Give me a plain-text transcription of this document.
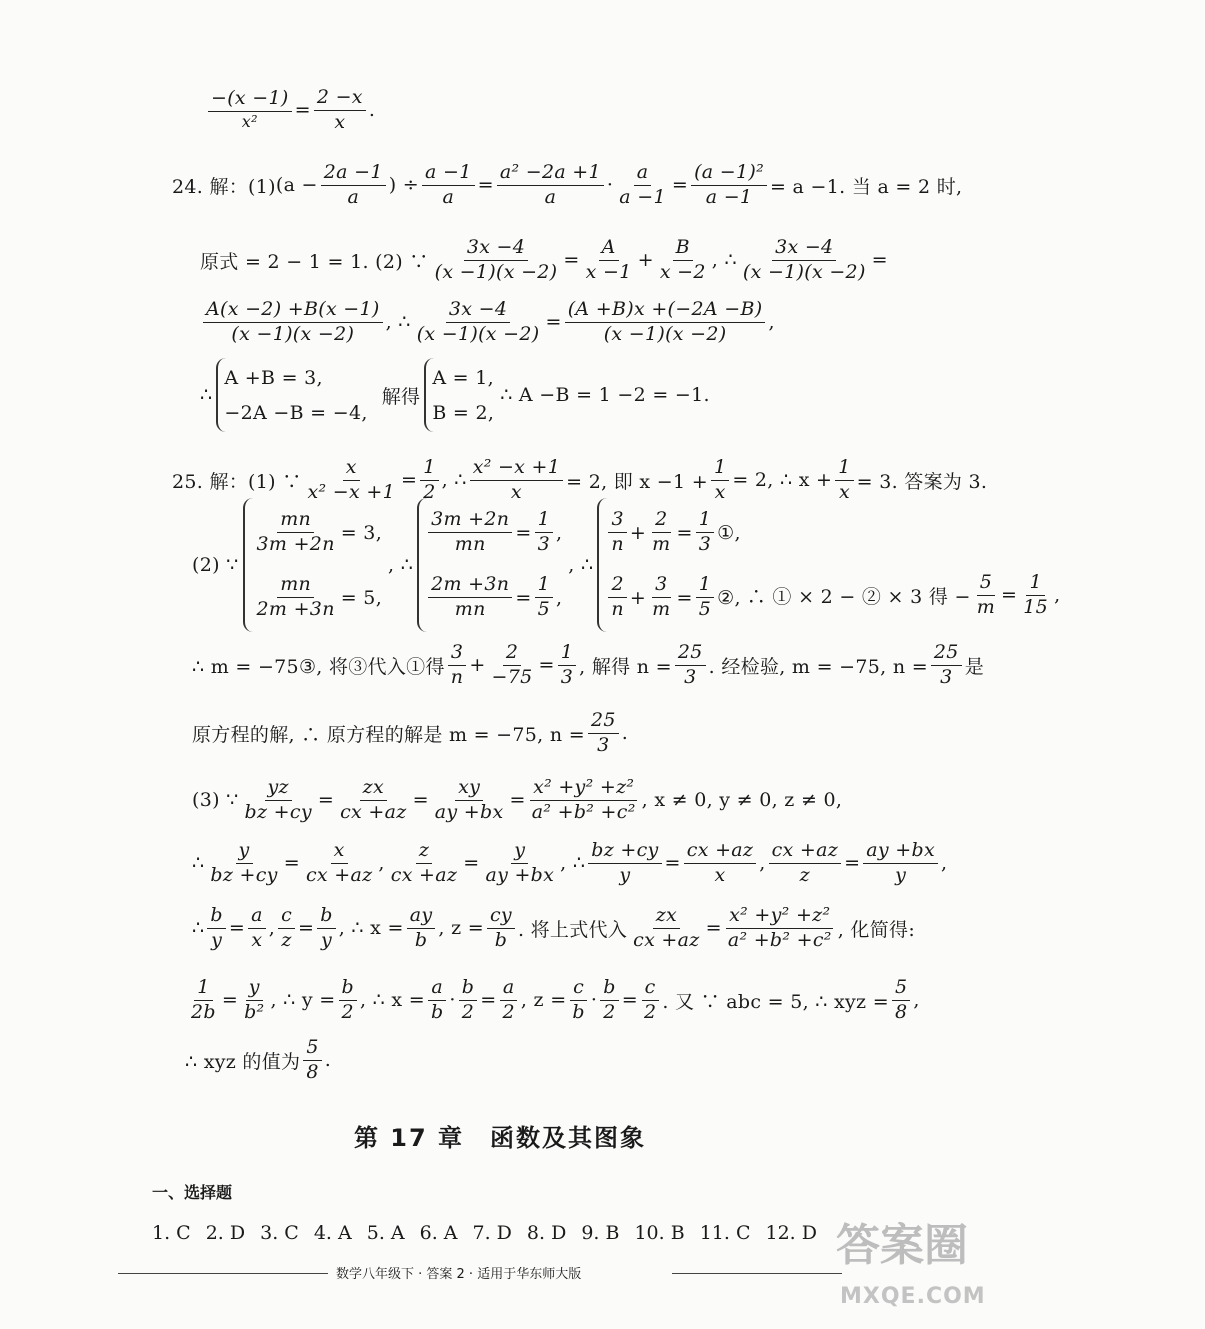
$\frac{-(x -1)}{\text{x²}} = \frac{2 -x}{x}$ .
24. 解：(1) ($a - \frac{2a -1}{a}$ ) ÷ $\frac{a -1}{a} = \frac{\text{a² −2a +1}}{a} \cdot \frac{a}{a -1} = \frac{\text{(a −1)²}}{a -1} = a -1$. 当 a = 2 时,
原式 = 2 − 1 = 1. (2) ∵ $\frac{3x -4}{(x -1)(x -2)} = \frac{A}{x -1} + \frac{B}{x -2}$ , ∴ $\frac{3x -4}{(x -1)(x -2)}$ =
$\frac{A(x -2) +B(x -1)}{(x -1)(x -2)}$ , ∴ $\frac{3x -4}{(x -1)(x -2)} = \frac{(A +B)x +(-2A -B)}{(x -1)(x -2)}$ ,
∴
A +B = 3,
−2A −B = −4,
解得
A = 1,
B = 2,
∴ A −B = 1 −2 = −1.
25. 解：(1) ∵ $\frac{x}{\text{x² −x +1}} = \frac{1}{2}$ , ∴ $\frac{\text{x² −x +1}}{x} = 2$, 即 $x -1 + \frac{1}{x} = 2$, ∴ $x + \frac{1}{x} = 3$. 答案为 3.
(2) ∵
$\frac{mn}{3m +2n} = 3$,
$\frac{mn}{2m +3n} = 5$,
, ∴
$\frac{3m +2n}{mn} = \frac{1}{3}$ ,
$\frac{2m +3n}{mn} = \frac{1}{5}$ ,
, ∴
$\frac{3}{n} + \frac{2}{m} = \frac{1}{3}$ ①,
$\frac{2}{n} + \frac{3}{m} = \frac{1}{5}$ ②, ∴ ① × 2 − ② × 3 得 − $\frac{5}{m} = \frac{1}{15}$ ,
∴ m = −75③, 将③代入①得 $\frac{3}{n} + \frac{2}{-75} = \frac{1}{3}$ , 解得 $n = \frac{25}{3}$ . 经检验, m = −75, $n = \frac{25}{3}$ 是
原方程的解, ∴ 原方程的解是 m = −75, $n = \frac{25}{3}$ .
(3) ∵ $\frac{yz}{bz +cy} = \frac{zx}{cx +az} = \frac{xy}{ay +bx} = \frac{\text{x² +y² +z²}}{\text{a² +b² +c²}}$ , x ≠ 0, y ≠ 0, z ≠ 0,
∴ $\frac{y}{bz +cy} = \frac{x}{cx +az}$ , $\frac{z}{cx +az} = \frac{y}{ay +bx}$ , ∴ $\frac{bz +cy}{y} = \frac{cx +az}{x}$ , $\frac{cx +az}{z} = \frac{ay +bx}{y}$ ,
∴ $\frac{b}{y} = \frac{a}{x}$ , $\frac{c}{z} = \frac{b}{y}$ , ∴ $x = \frac{ay}{b}$ , $z = \frac{cy}{b}$ . 将上式代入 $\frac{zx}{cx +az} = \frac{\text{x² +y² +z²}}{\text{a² +b² +c²}}$ , 化简得:
$\frac{1}{2b} = \frac{y}{\text{b²}}$ , ∴ $y = \frac{b}{2}$ , ∴ $x = \frac{a}{b} \cdot \frac{b}{2} = \frac{a}{2}$ , $z = \frac{c}{b} \cdot \frac{b}{2} = \frac{c}{2}$ . 又 ∵ abc = 5, ∴ xyz = $\frac{5}{8}$ ,
∴ xyz 的值为 $\frac{5}{8}$ .
第 17 章　函数及其图象
一、选择题
1. C 2. D 3. C 4. A 5. A 6. A 7. D 8. D 9. B 10. B 11. C 12. D
数学八年级下 · 答案 2 · 适用于华东师大版
答案圈
MXQE.COM
